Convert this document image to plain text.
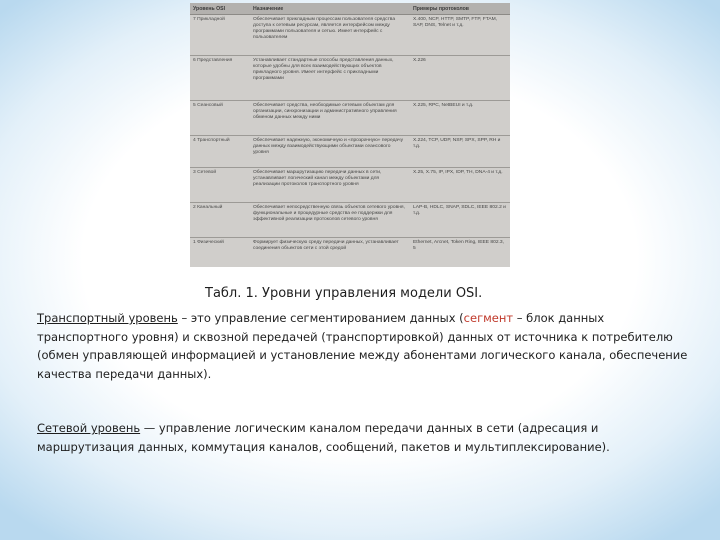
Уровень OSI	Назначение	Примеры протоколов
7 Прикладной	Обеспечивает прикладным процессам пользователя средства доступа к сетевым ресурсам, является интерфейсом между программами пользователя и сетью. Имеет интерфейс с пользователем	X.400, NCP, HTTP, SMTP, FTP, FTAM, SAP, DNS, Telnet и т.д.
6 Представления	Устанавливает стандартные способы представления данных, которые удобны для всех взаимодействующих объектов прикладного уровня. Имеет интерфейс с прикладными программами	X.226
5 Сеансовый	Обеспечивает средства, необходимые сетевым объектам для организации, синхронизации и административного управления обменом данных между ними	X.225, RPC, NetBEUI и т.д.
4 Транспортный	Обеспечивает надежную, экономичную и «прозрачную» передачу данных между взаимодействующими объектами сеансового уровня	X.224, TCP, UDP, NSP, SPX, SPP, RH и т.д.
3 Сетевой	Обеспечивает маршрутизацию передачи данных в сети, устанавливает логический канал между объектами для реализации протоколов транспортного уровня	X.25, X.75, IP, IPX, IDP, TH, DNA-4 и т.д.
2 Канальный	Обеспечивает непосредственную связь объектов сетевого уровня, функциональные и процедурные средства ее поддержки для эффективной реализации протоколов сетевого уровня	LAP-B, HDLC, SNAP, SDLC, IEEE 802.2 и т.д.
1 Физический	Формирует физическую среду передачи данных, устанавливает соединения объектов сети с этой средой	Ethernet, Arcnet, Token Ring, IEEE 802.3, 5
Табл. 1. Уровни управления модели OSI.

Транспортный уровень – это управление сегментированием данных (сегмент – блок данных транспортного уровня) и сквозной передачей (транспортировкой) данных от источника к потребителю (обмен управляющей информацией и установление между абонентами логического канала, обеспечение качества передачи данных).

Сетевой уровень — управление логическим каналом передачи данных в сети (адресация и маршрутизация данных, коммутация каналов, сообщений, пакетов и мультиплексирование).
